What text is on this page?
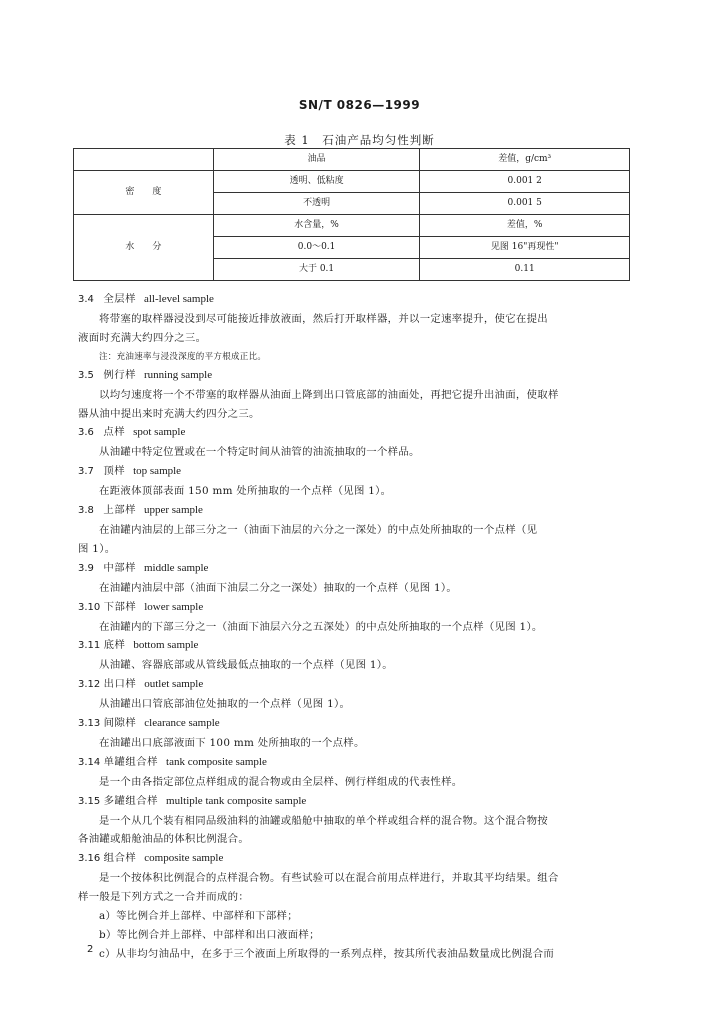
SN/T 0826—1999
表 1　石油产品均匀性判断
	油品	差值，g/cm³
密　　度	透明、低粘度	0.001 2
	不透明	0.001 5
水　　分	水含量，%	差值，%
	0.0～0.1	见图 16"再现性"
	大于 0.1	0.11

3.4 全层样 all-level sample

将带塞的取样器浸没到尽可能接近排放液面，然后打开取样器，并以一定速率提升，使它在提出

液面时充满大约四分之三。

注：充油速率与浸没深度的平方根成正比。

3.5 例行样 running sample

以均匀速度将一个不带塞的取样器从油面上降到出口管底部的油面处，再把它提升出油面，使取样

器从油中提出来时充满大约四分之三。

3.6 点样 spot sample

从油罐中特定位置或在一个特定时间从油管的油流抽取的一个样品。

3.7 顶样 top sample

在距液体顶部表面 150 mm 处所抽取的一个点样（见图 1）。

3.8 上部样 upper sample

在油罐内油层的上部三分之一（油面下油层的六分之一深处）的中点处所抽取的一个点样（见

图 1）。

3.9 中部样 middle sample

在油罐内油层中部（油面下油层二分之一深处）抽取的一个点样（见图 1）。

3.10 下部样 lower sample

在油罐内的下部三分之一（油面下油层六分之五深处）的中点处所抽取的一个点样（见图 1）。

3.11 底样 bottom sample

从油罐、容器底部或从管线最低点抽取的一个点样（见图 1）。

3.12 出口样 outlet sample

从油罐出口管底部油位处抽取的一个点样（见图 1）。

3.13 间隙样 clearance sample

在油罐出口底部液面下 100 mm 处所抽取的一个点样。

3.14 单罐组合样 tank composite sample

是一个由各指定部位点样组成的混合物或由全层样、例行样组成的代表性样。

3.15 多罐组合样 multiple tank composite sample

是一个从几个装有相同品级油料的油罐或船舱中抽取的单个样或组合样的混合物。这个混合物按

各油罐或船舱油品的体积比例混合。

3.16 组合样 composite sample

是一个按体积比例混合的点样混合物。有些试验可以在混合前用点样进行，并取其平均结果。组合

样一般是下列方式之一合并而成的：

a）等比例合并上部样、中部样和下部样；

b）等比例合并上部样、中部样和出口液面样；

c）从非均匀油品中，在多于三个液面上所取得的一系列点样，按其所代表油品数量成比例混合而

2
